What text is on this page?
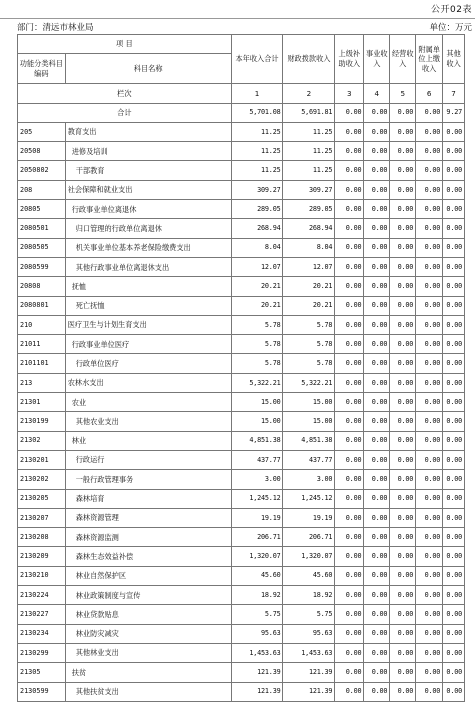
公开02表
部门：清远市林业局	单位：万元
项 目		本年收入合计	财政拨款收入	上级补助收入	事业收入	经营收入	附属单位上缴收入	其他收入
功能分类科目编码	科目名称							
栏次		1	2	3	4	5	6	7
合计		5,701.08	5,691.81	0.00	0.00	0.00	0.00	9.27
205	教育支出	11.25	11.25	0.00	0.00	0.00	0.00	0.00
20508	进修及培训	11.25	11.25	0.00	0.00	0.00	0.00	0.00
2050802	干部教育	11.25	11.25	0.00	0.00	0.00	0.00	0.00
208	社会保障和就业支出	309.27	309.27	0.00	0.00	0.00	0.00	0.00
20805	行政事业单位离退休	289.05	289.05	0.00	0.00	0.00	0.00	0.00
2080501	归口管理的行政单位离退休	268.94	268.94	0.00	0.00	0.00	0.00	0.00
2080505	机关事业单位基本养老保险缴费支出	8.04	8.04	0.00	0.00	0.00	0.00	0.00
2080599	其他行政事业单位离退休支出	12.07	12.07	0.00	0.00	0.00	0.00	0.00
20808	抚恤	20.21	20.21	0.00	0.00	0.00	0.00	0.00
2080801	死亡抚恤	20.21	20.21	0.00	0.00	0.00	0.00	0.00
210	医疗卫生与计划生育支出	5.78	5.78	0.00	0.00	0.00	0.00	0.00
21011	行政事业单位医疗	5.78	5.78	0.00	0.00	0.00	0.00	0.00
2101101	行政单位医疗	5.78	5.78	0.00	0.00	0.00	0.00	0.00
213	农林水支出	5,322.21	5,322.21	0.00	0.00	0.00	0.00	0.00
21301	农业	15.00	15.00	0.00	0.00	0.00	0.00	0.00
2130199	其他农业支出	15.00	15.00	0.00	0.00	0.00	0.00	0.00
21302	林业	4,851.38	4,851.38	0.00	0.00	0.00	0.00	0.00
2130201	行政运行	437.77	437.77	0.00	0.00	0.00	0.00	0.00
2130202	一般行政管理事务	3.00	3.00	0.00	0.00	0.00	0.00	0.00
2130205	森林培育	1,245.12	1,245.12	0.00	0.00	0.00	0.00	0.00
2130207	森林资源管理	19.19	19.19	0.00	0.00	0.00	0.00	0.00
2130208	森林资源监测	206.71	206.71	0.00	0.00	0.00	0.00	0.00
2130209	森林生态效益补偿	1,320.07	1,320.07	0.00	0.00	0.00	0.00	0.00
2130210	林业自然保护区	45.60	45.60	0.00	0.00	0.00	0.00	0.00
2130224	林业政策制度与宣传	18.92	18.92	0.00	0.00	0.00	0.00	0.00
2130227	林业贷款贴息	5.75	5.75	0.00	0.00	0.00	0.00	0.00
2130234	林业防灾减灾	95.63	95.63	0.00	0.00	0.00	0.00	0.00
2130299	其他林业支出	1,453.63	1,453.63	0.00	0.00	0.00	0.00	0.00
21305	扶贫	121.39	121.39	0.00	0.00	0.00	0.00	0.00
2130599	其他扶贫支出	121.39	121.39	0.00	0.00	0.00	0.00	0.00
